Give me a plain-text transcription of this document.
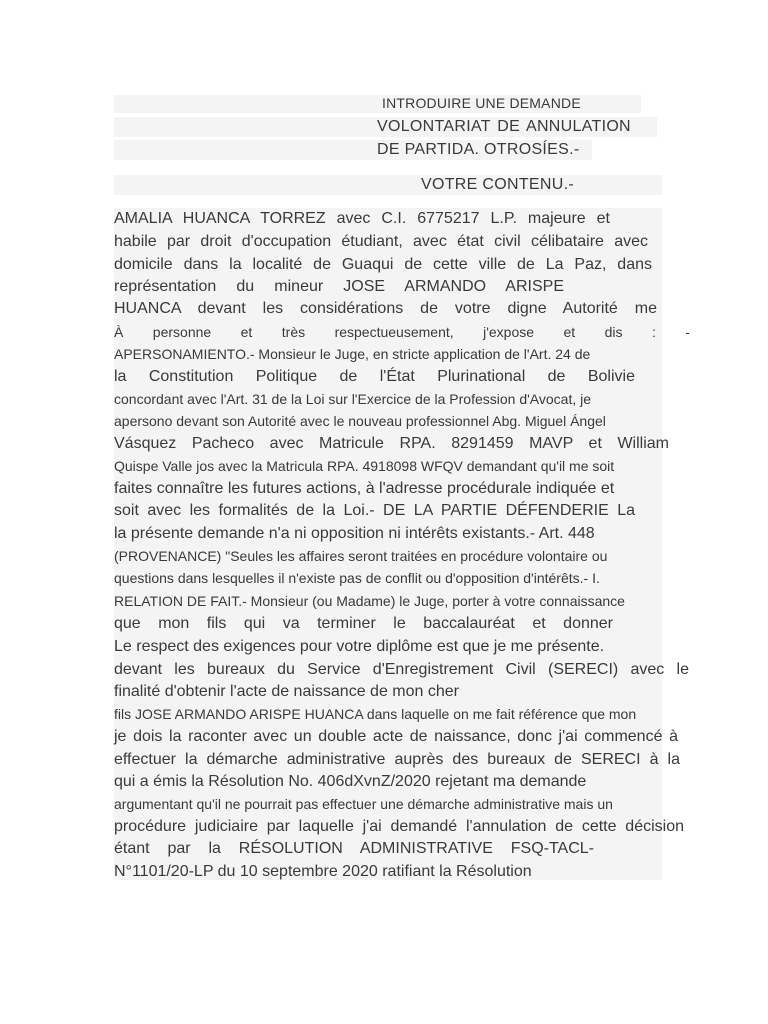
INTRODUIRE UNE DEMANDE
VOLONTARIAT DE ANNULATION
DE PARTIDA. OTROSÍES.-
VOTRE CONTENU.-
AMALIA HUANCA TORREZ avec C.I. 6775217 L.P. majeure et
habile par droit d'occupation étudiant, avec état civil célibataire avec
domicile dans la localité de Guaqui de cette ville de La Paz, dans
représentation du mineur JOSE ARMANDO ARISPE
HUANCA devant les considérations de votre digne Autorité me
À personne et très respectueusement, j'expose et dis : -
APERSONAMIENTO.- Monsieur le Juge, en stricte application de l'Art. 24 de
la Constitution Politique de l'État Plurinational de Bolivie
concordant avec l'Art. 31 de la Loi sur l'Exercice de la Profession d'Avocat, je
apersono devant son Autorité avec le nouveau professionnel Abg. Miguel Ángel
Vásquez Pacheco avec Matricule RPA. 8291459 MAVP et William
Quispe Valle jos avec la Matricula RPA. 4918098 WFQV demandant qu'il me soit
faites connaître les futures actions, à l'adresse procédurale indiquée et
soit avec les formalités de la Loi.- DE LA PARTIE DÉFENDERIE La
la présente demande n'a ni opposition ni intérêts existants.- Art. 448
(PROVENANCE) "Seules les affaires seront traitées en procédure volontaire ou
questions dans lesquelles il n'existe pas de conflit ou d'opposition d'intérêts.- I.
RELATION DE FAIT.- Monsieur (ou Madame) le Juge, porter à votre connaissance
que mon fils qui va terminer le baccalauréat et donner
Le respect des exigences pour votre diplôme est que je me présente.
devant les bureaux du Service d'Enregistrement Civil (SERECI) avec le
finalité d'obtenir l'acte de naissance de mon cher
fils JOSE ARMANDO ARISPE HUANCA dans laquelle on me fait référence que mon
je dois la raconter avec un double acte de naissance, donc j'ai commencé à
effectuer la démarche administrative auprès des bureaux de SERECI à la
qui a émis la Résolution No. 406dXvnZ/2020 rejetant ma demande
argumentant qu'il ne pourrait pas effectuer une démarche administrative mais un
procédure judiciaire par laquelle j'ai demandé l'annulation de cette décision
étant par la RÉSOLUTION ADMINISTRATIVE FSQ-TACL-
N°1101/20-LP du 10 septembre 2020 ratifiant la Résolution
